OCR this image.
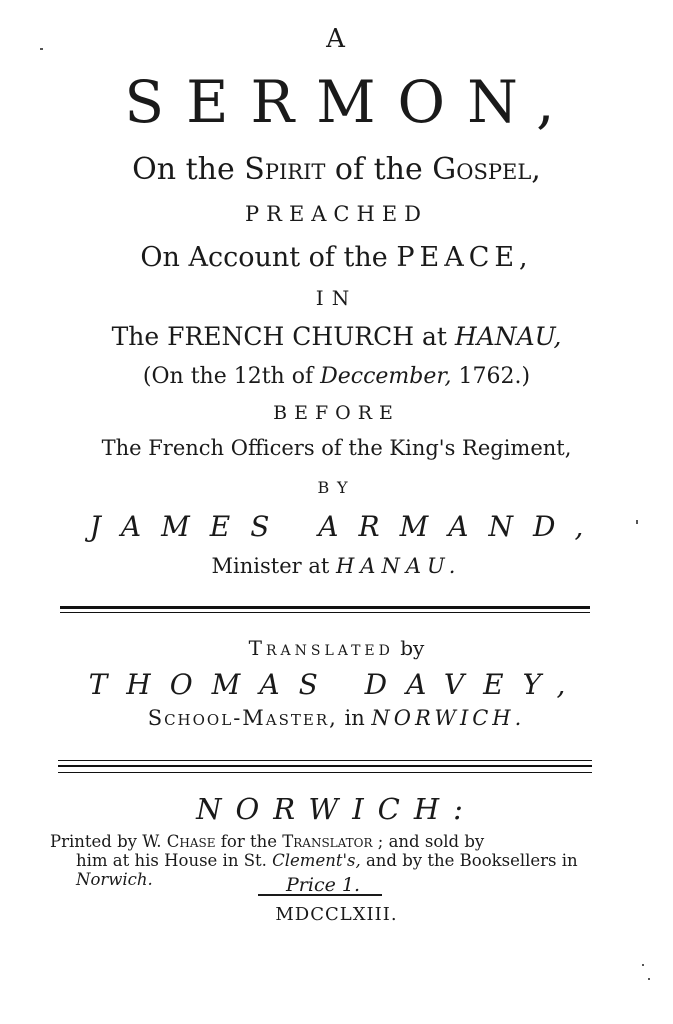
A
SERMON,
On the Spirit of the Gospel,
PREACHED
On Account of the PEACE,
IN
The FRENCH CHURCH at HANAU,
(On the 12th of Deccember, 1762.)
BEFORE
The French Officers of the King's Regiment,
BY
JAMES ARMAND,
Minister at HANAU.
Translated by
THOMAS DAVEY,
School-Master, in NORWICH.
NORWICH:
Printed by W. Chase for the Translator ; and sold by
him at his House in St. Clement's, and by the Booksellers in
Norwich.	Price 1.
MDCCLXIII.
